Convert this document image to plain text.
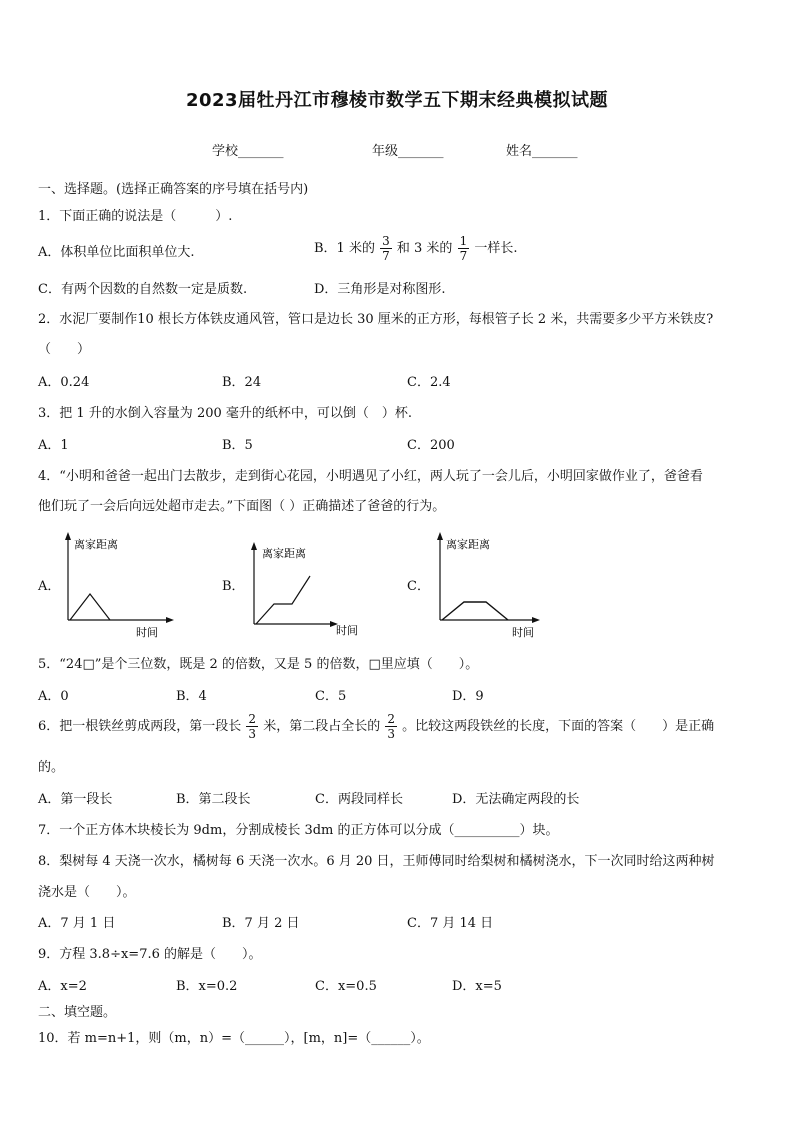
2023届牡丹江市穆棱市数学五下期末经典模拟试题
学校_______	年级_______	姓名_______
一、选择题。(选择正确答案的序号填在括号内)
1．下面正确的说法是（　　　）.
A．体积单位比面积单位大.	B．1 米的 $\frac{3}{7}$ 和 3 米的 $\frac{1}{7}$ 一样长.
C．有两个因数的自然数一定是质数.	D．三角形是对称图形.
2．水泥厂要制作10 根长方体铁皮通风管，管口是边长 30 厘米的正方形，每根管子长 2 米，共需要多少平方米铁皮?
（　　）
A．0.24	B．24	C．2.4
3．把 1 升的水倒入容量为 200 毫升的纸杯中，可以倒（　）杯.
A．1	B．5	C．200
4．“小明和爸爸一起出门去散步，走到街心花园，小明遇见了小红，两人玩了一会儿后，小明回家做作业了，爸爸看
他们玩了一会后向远处超市走去。”下面图（ ）正确描述了爸爸的行为。
A．	B．	C．
离家距离
时间
离家距离
时间
离家距离
时间
5．“24□”是个三位数，既是 2 的倍数，又是 5 的倍数，□里应填（　　）。
A．0	B．4	C．5	D．9
6．把一根铁丝剪成两段，第一段长 $\frac{2}{3}$ 米，第二段占全长的 $\frac{2}{3}$ 。比较这两段铁丝的长度，下面的答案（　　）是正确
的。
A．第一段长	B．第二段长	C．两段同样长	D．无法确定两段的长
7．一个正方体木块棱长为 9dm，分割成棱长 3dm 的正方体可以分成（__________）块。
8．梨树每 4 天浇一次水，橘树每 6 天浇一次水。6 月 20 日，王师傅同时给梨树和橘树浇水，下一次同时给这两种树
浇水是（　　）。
A．7 月 1 日	B．7 月 2 日	C．7 月 14 日
9．方程 3.8÷x=7.6 的解是（　　）。
A．x=2	B．x=0.2	C．x=0.5	D．x=5
二、填空题。
10．若 m=n+1，则（m，n）=（______），[m，n]=（______）。
